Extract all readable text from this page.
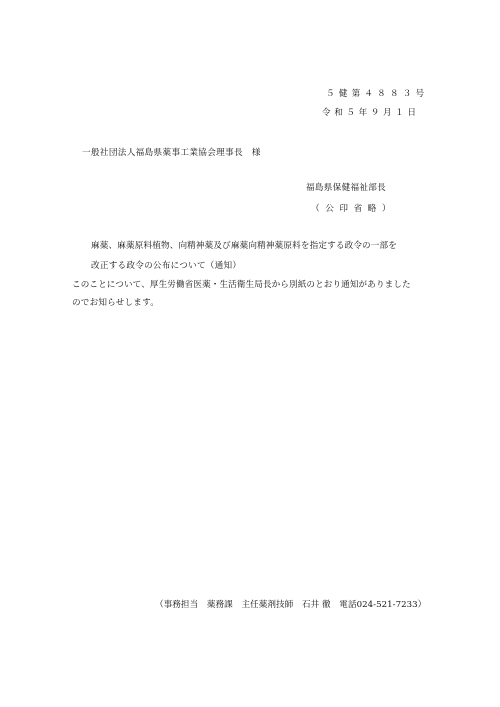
５健第４８８３号
令和５年９月１日
一般社団法人福島県薬事工業協会理事長　様
福島県保健福祉部長
（公印省略）
麻薬、麻薬原料植物、向精神薬及び麻薬向精神薬原料を指定する政令の一部を
改正する政令の公布について（通知）
このことについて、厚生労働省医薬・生活衛生局長から別紙のとおり通知がありました
のでお知らせします。
（事務担当　薬務課　主任薬剤技師　石井 徹　電話024-521-7233）
